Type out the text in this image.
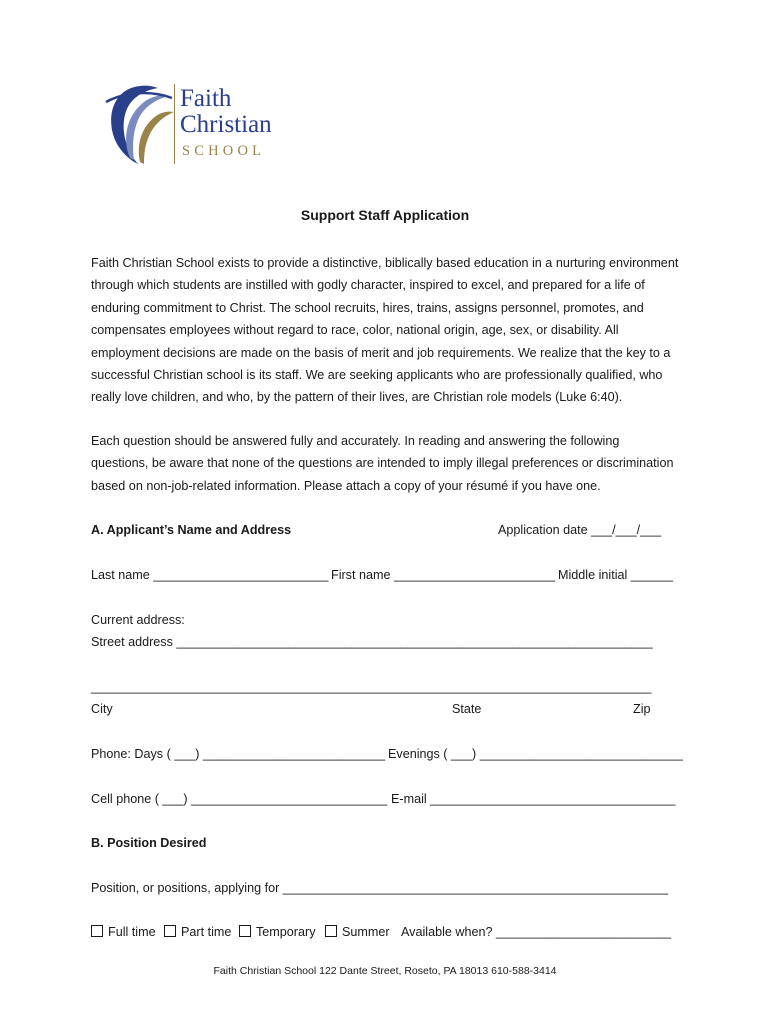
Faith
Christian
SCHOOL
Support Staff Application
Faith Christian School exists to provide a distinctive, biblically based education in a nurturing environment
through which students are instilled with godly character, inspired to excel, and prepared for a life of
enduring commitment to Christ. The school recruits, hires, trains, assigns personnel, promotes, and
compensates employees without regard to race, color, national origin, age, sex, or disability. All
employment decisions are made on the basis of merit and job requirements. We realize that the key to a
successful Christian school is its staff. We are seeking applicants who are professionally qualified, who
really love children, and who, by the pattern of their lives, are Christian role models (Luke 6:40).
Each question should be answered fully and accurately. In reading and answering the following
questions, be aware that none of the questions are intended to imply illegal preferences or discrimination
based on non-job-related information. Please attach a copy of your résumé if you have one.
A. Applicant’s Name and Address	Application date ___/___/___
Last name _________________________ First name _______________________ Middle initial ______
Current address:
Street address ____________________________________________________________________
________________________________________________________________________________
City	State	Zip
Phone: Days ( ___) __________________________ Evenings ( ___) _____________________________
Cell phone ( ___) ____________________________ E-mail ___________________________________
B. Position Desired
Position, or positions, applying for _______________________________________________________
Full time	Part time	Temporary	Summer Available when? _________________________
Faith Christian School 122 Dante Street, Roseto, PA 18013 610-588-3414
